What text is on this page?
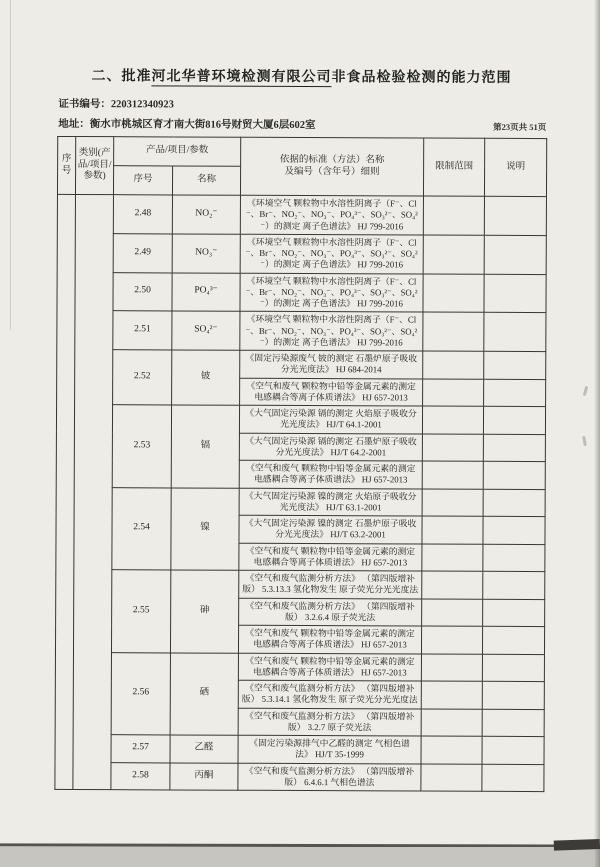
二、批准河北华普环境检测有限公司非食品检验检测的能力范围
证书编号：220312340923
地址：衡水市桃城区育才南大街816号财贸大厦6层602室	第23页共 51页
序号	类别(产品/项目/参数)	产品/项目/参数		依据的标准（方法）名称
及编号（含年号）细则	限制范围	说明
		序号	名称			
		2.48	NO₂⁻	《环境空气 颗粒物中水溶性阴离子（F⁻、Cl⁻、Br⁻、NO₂⁻、NO₃⁻、PO₄³⁻、SO₃²⁻、SO₄²⁻）的测定 离子色谱法》 HJ 799-2016		
		2.49	NO₃⁻	《环境空气 颗粒物中水溶性阴离子（F⁻、Cl⁻、Br⁻、NO₂⁻、NO₃⁻、PO₄³⁻、SO₃²⁻、SO₄²⁻）的测定 离子色谱法》 HJ 799-2016		
		2.50	PO₄³⁻	《环境空气 颗粒物中水溶性阴离子（F⁻、Cl⁻、Br⁻、NO₂⁻、NO₃⁻、PO₄³⁻、SO₃²⁻、SO₄²⁻）的测定 离子色谱法》 HJ 799-2016		
		2.51	SO₄²⁻	《环境空气 颗粒物中水溶性阴离子（F⁻、Cl⁻、Br⁻、NO₂⁻、NO₃⁻、PO₄³⁻、SO₃²⁻、SO₄²⁻）的测定 离子色谱法》 HJ 799-2016		
		2.52	铍	《固定污染源废气 铍的测定 石墨炉原子吸收分光光度法》 HJ 684-2014		
				《空气和废气 颗粒物中铅等金属元素的测定 电感耦合等离子体质谱法》 HJ 657-2013		
		2.53	镉	《大气固定污染源 镉的测定 火焰原子吸收分光光度法》 HJ/T 64.1-2001		
				《大气固定污染源 镉的测定 石墨炉原子吸收分光光度法》 HJ/T 64.2-2001		
				《空气和废气 颗粒物中铅等金属元素的测定 电感耦合等离子体质谱法》 HJ 657-2013		
		2.54	镍	《大气固定污染源 镍的测定 火焰原子吸收分光光度法》 HJ/T 63.1-2001		
				《大气固定污染源 镍的测定 石墨炉原子吸收分光光度法》 HJ/T 63.2-2001		
				《空气和废气 颗粒物中铅等金属元素的测定 电感耦合等离子体质谱法》 HJ 657-2013		
		2.55	砷	《空气和废气监测分析方法》 （第四版增补版） 5.3.13.3 氢化物发生 原子荧光分光光度法		
				《空气和废气监测分析方法》 （第四版增补版） 3.2.6.4 原子荧光法		
				《空气和废气 颗粒物中铅等金属元素的测定 电感耦合等离子体质谱法》 HJ 657-2013		
		2.56	硒	《空气和废气 颗粒物中铅等金属元素的测定 电感耦合等离子体质谱法》 HJ 657-2013		
				《空气和废气监测分析方法》 （第四版增补版） 5.3.14.1 氢化物发生 原子荧光分光光度法		
				《空气和废气监测分析方法》 （第四版增补版） 3.2.7 原子荧光法		
		2.57	乙醛	《固定污染源排气中乙醛的测定 气相色谱法》 HJ/T 35-1999		
		2.58	丙酮	《空气和废气监测分析方法》 （第四版增补版） 6.4.6.1 气相色谱法		
